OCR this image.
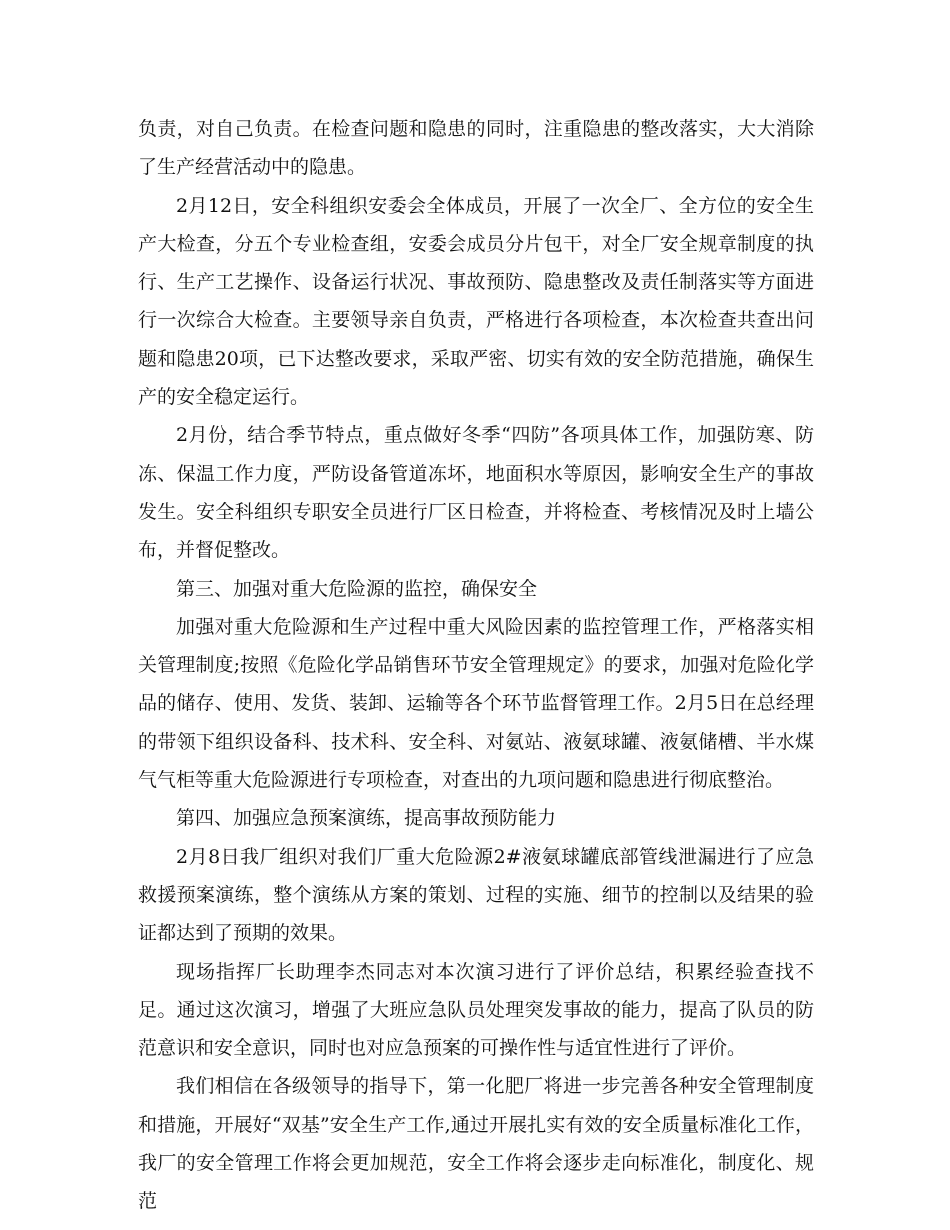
负责，对自己负责。在检查问题和隐患的同时，注重隐患的整改落实，大大消除了生产经营活动中的隐患。

2月12日，安全科组织安委会全体成员，开展了一次全厂、全方位的安全生产大检查，分五个专业检查组，安委会成员分片包干，对全厂安全规章制度的执行、生产工艺操作、设备运行状况、事故预防、隐患整改及责任制落实等方面进行一次综合大检查。主要领导亲自负责，严格进行各项检查，本次检查共查出问题和隐患20项，已下达整改要求，采取严密、切实有效的安全防范措施，确保生产的安全稳定运行。

2月份，结合季节特点，重点做好冬季“四防”各项具体工作，加强防寒、防冻、保温工作力度，严防设备管道冻坏，地面积水等原因，影响安全生产的事故发生。安全科组织专职安全员进行厂区日检查，并将检查、考核情况及时上墙公布，并督促整改。

第三、加强对重大危险源的监控，确保安全

加强对重大危险源和生产过程中重大风险因素的监控管理工作，严格落实相关管理制度;按照《危险化学品销售环节安全管理规定》的要求，加强对危险化学品的储存、使用、发货、装卸、运输等各个环节监督管理工作。2月5日在总经理的带领下组织设备科、技术科、安全科、对氨站、液氨球罐、液氨储槽、半水煤气气柜等重大危险源进行专项检查，对查出的九项问题和隐患进行彻底整治。

第四、加强应急预案演练，提高事故预防能力

2月8日我厂组织对我们厂重大危险源2#液氨球罐底部管线泄漏进行了应急救援预案演练，整个演练从方案的策划、过程的实施、细节的控制以及结果的验证都达到了预期的效果。

现场指挥厂长助理李杰同志对本次演习进行了评价总结，积累经验查找不足。通过这次演习，增强了大班应急队员处理突发事故的能力，提高了队员的防范意识和安全意识，同时也对应急预案的可操作性与适宜性进行了评价。

我们相信在各级领导的指导下，第一化肥厂将进一步完善各种安全管理制度和措施，开展好“双基”安全生产工作,通过开展扎实有效的安全质量标准化工作，我厂的安全管理工作将会更加规范，安全工作将会逐步走向标准化，制度化、规范
